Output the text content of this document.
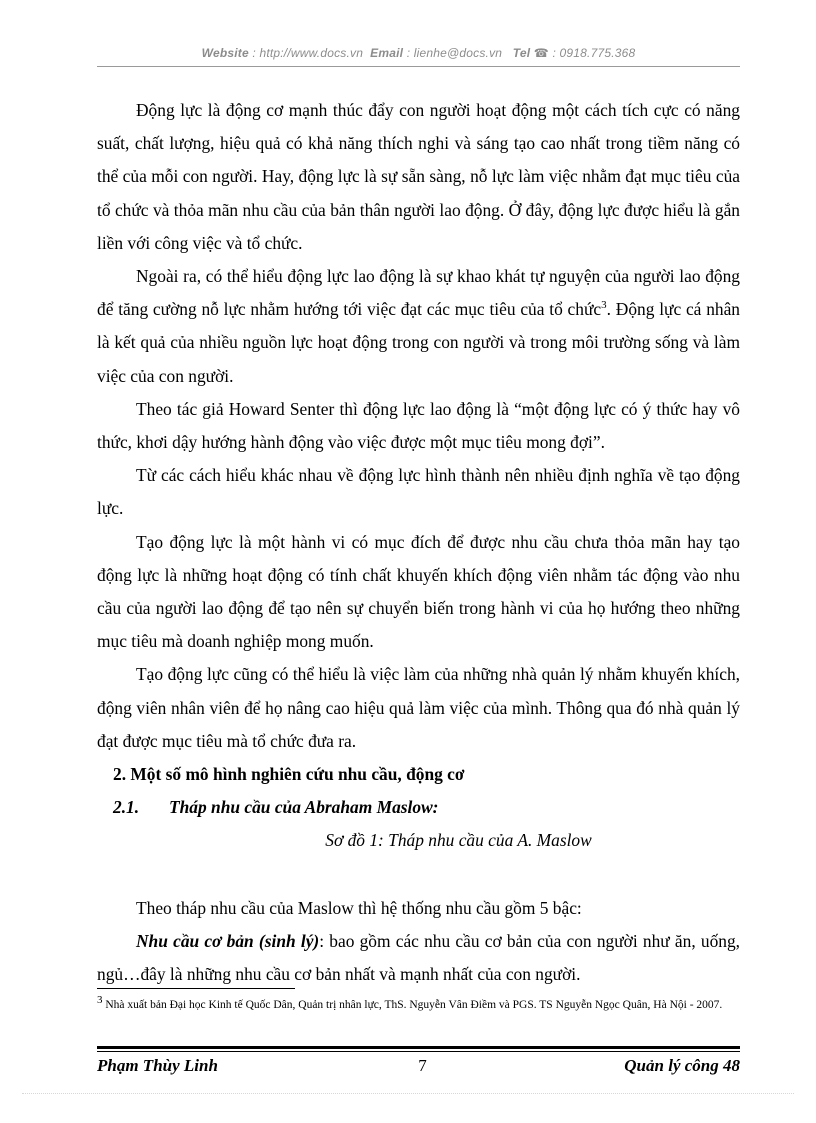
Website : http://www.docs.vn Email : lienhe@docs.vn Tel ☎ : 0918.775.368

Động lực là động cơ mạnh thúc đẩy con người hoạt động một cách tích cực có năng suất, chất lượng, hiệu quả có khả năng thích nghi và sáng tạo cao nhất trong tiềm năng có thể của mỗi con người. Hay, động lực là sự sẵn sàng, nỗ lực làm việc nhằm đạt mục tiêu của tổ chức và thỏa mãn nhu cầu của bản thân người lao động. Ở đây, động lực được hiểu là gắn liền với công việc và tổ chức.

Ngoài ra, có thể hiểu động lực lao động là sự khao khát tự nguyện của người lao động để tăng cường nỗ lực nhằm hướng tới việc đạt các mục tiêu của tổ chức$^3$. Động lực cá nhân là kết quả của nhiều nguồn lực hoạt động trong con người và trong môi trường sống và làm việc của con người.

Theo tác giả Howard Senter thì động lực lao động là “một động lực có ý thức hay vô thức, khơi dậy hướng hành động vào việc được một mục tiêu mong đợi”.

Từ các cách hiểu khác nhau về động lực hình thành nên nhiều định nghĩa về tạo động lực.

Tạo động lực là một hành vi có mục đích để được nhu cầu chưa thỏa mãn hay tạo động lực là những hoạt động có tính chất khuyến khích động viên nhằm tác động vào nhu cầu của người lao động để tạo nên sự chuyển biến trong hành vi của họ hướng theo những mục tiêu mà doanh nghiệp mong muốn.

Tạo động lực cũng có thể hiểu là việc làm của những nhà quản lý nhằm khuyến khích, động viên nhân viên để họ nâng cao hiệu quả làm việc của mình. Thông qua đó nhà quản lý đạt được mục tiêu mà tổ chức đưa ra.

2. Một số mô hình nghiên cứu nhu cầu, động cơ
2.1. Tháp nhu cầu của Abraham Maslow:
Sơ đồ 1: Tháp nhu cầu của A. Maslow

Theo tháp nhu cầu của Maslow thì hệ thống nhu cầu gồm 5 bậc:

Nhu cầu cơ bản (sinh lý): bao gồm các nhu cầu cơ bản của con người như ăn, uống, ngủ…đây là những nhu cầu cơ bản nhất và mạnh nhất của con người.

$^3$ Nhà xuất bản Đại học Kinh tế Quốc Dân, Quản trị nhân lực, ThS. Nguyễn Vân Điềm và PGS. TS Nguyễn Ngọc Quân, Hà Nội - 2007.
Phạm Thùy Linh	7	Quản lý công 48
